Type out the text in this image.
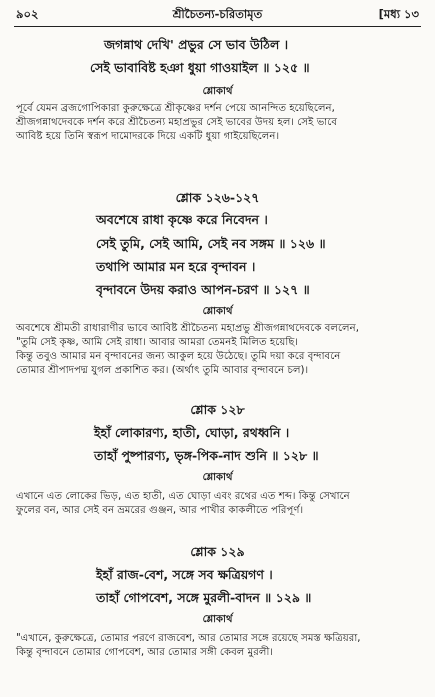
৯০২	শ্রীচৈতন্য-চরিতামৃত	[মধ্য ১৩
জগন্নাথ দেখি' প্রভুর সে ভাব উঠিল ।
সেই ভাবাবিষ্ট হঞা ধুয়া গাওয়াইল ॥ ১২৫ ॥
শ্লোকার্থ
পূর্বে যেমন ব্রজগোপিকারা কুরুক্ষেত্রে শ্রীকৃষ্ণের দর্শন পেয়ে আনন্দিত হয়েছিলেন,
শ্রীজগন্নাথদেবকে দর্শন করে শ্রীচৈতন্য মহাপ্রভুর সেই ভাবের উদয় হল। সেই ভাবে
আবিষ্ট হয়ে তিনি স্বরূপ দামোদরকে দিয়ে একটি ধুয়া গাইয়েছিলেন।
শ্লোক ১২৬-১২৭
অবশেষে রাধা কৃষ্ণে করে নিবেদন ।
সেই তুমি, সেই আমি, সেই নব সঙ্গম ॥ ১২৬ ॥
তথাপি আমার মন হরে বৃন্দাবন ।
বৃন্দাবনে উদয় করাও আপন-চরণ ॥ ১২৭ ॥
শ্লোকার্থ
অবশেষে শ্রীমতী রাধারাণীর ভাবে আবিষ্ট শ্রীচৈতন্য মহাপ্রভু শ্রীজগন্নাথদেবকে বললেন,
"তুমি সেই কৃষ্ণ, আমি সেই রাধা। আবার আমরা তেমনই মিলিত হয়েছি।
কিন্তু তবুও আমার মন বৃন্দাবনের জন্য আকুল হয়ে উঠেছে। তুমি দয়া করে বৃন্দাবনে
তোমার শ্রীপাদপদ্ম যুগল প্রকাশিত কর। (অর্থাৎ তুমি আবার বৃন্দাবনে চল)।
শ্লোক ১২৮
ইহাঁ লোকারণ্য, হাতী, ঘোড়া, রথধ্বনি ।
তাহাঁ পুষ্পারণ্য, ভৃঙ্গ-পিক-নাদ শুনি ॥ ১২৮ ॥
শ্লোকার্থ
এখানে এত লোকের ভিড়, এত হাতী, এত ঘোড়া এবং রথের এত শব্দ। কিন্তু সেখানে
ফুলের বন, আর সেই বন ভ্রমরের গুঞ্জন, আর পাখীর কাকলীতে পরিপূর্ণ।
শ্লোক ১২৯
ইহাঁ রাজ-বেশ, সঙ্গে সব ক্ষত্রিয়গণ ।
তাহাঁ গোপবেশ, সঙ্গে মুরলী-বাদন ॥ ১২৯ ॥
শ্লোকার্থ
"এখানে, কুরুক্ষেত্রে, তোমার পরণে রাজবেশ, আর তোমার সঙ্গে রয়েছে সমস্ত ক্ষত্রিয়রা,
কিন্তু বৃন্দাবনে তোমার গোপবেশ, আর তোমার সঙ্গী কেবল মুরলী।
